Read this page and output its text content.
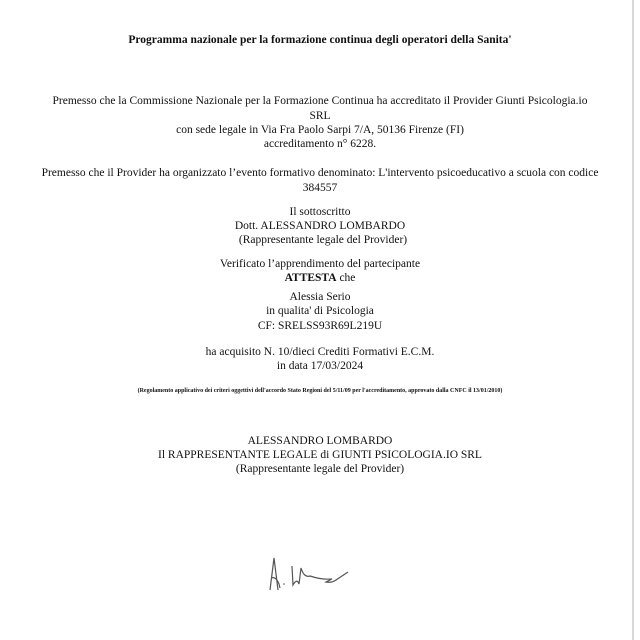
Programma nazionale per la formazione continua degli operatori della Sanita'
Premesso che la Commissione Nazionale per la Formazione Continua ha accreditato il Provider Giunti Psicologia.io
SRL
con sede legale in Via Fra Paolo Sarpi 7/A, 50136 Firenze (FI)
accreditamento n° 6228.
Premesso che il Provider ha organizzato l’evento formativo denominato: L'intervento psicoeducativo a scuola con codice
384557
Il sottoscritto
Dott. ALESSANDRO LOMBARDO
(Rappresentante legale del Provider)
Verificato l’apprendimento del partecipante
ATTESTA che
Alessia Serio
in qualita' di Psicologia
CF: SRELSS93R69L219U
ha acquisito N. 10/dieci Crediti Formativi E.C.M.
in data 17/03/2024
(Regolamento applicativo dei criteri oggettivi dell'accordo Stato Regioni del 5/11/09 per l'accreditamento, approvato dalla CNFC il 13/01/2010)
ALESSANDRO LOMBARDO
Il RAPPRESENTANTE LEGALE di GIUNTI PSICOLOGIA.IO SRL
(Rappresentante legale del Provider)
